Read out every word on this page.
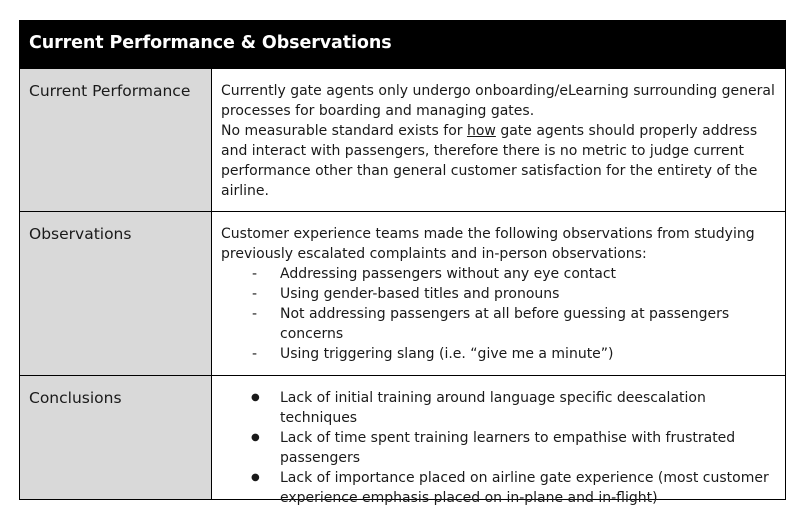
Current Performance & Observations
Current Performance	Currently gate agents only undergo onboarding/eLearning surrounding general processes for boarding and managing gates.

No measurable standard exists for how gate agents should properly address and interact with passengers, therefore there is no metric to judge current performance other than general customer satisfaction for the entirety of the airline.

Observations	Customer experience teams made the following observations from studying previously escalated complaints and in-person observations:

- Addressing passengers without any eye contact
- Using gender-based titles and pronouns
- Not addressing passengers at all before guessing at passengers concerns
- Using triggering slang (i.e. “give me a minute”)
Conclusions
●	Lack of initial training around language specific deescalation techniques
● Lack of time spent training learners to empathise with frustrated passengers
● Lack of importance placed on airline gate experience (most customer experience emphasis placed on in-plane and in-flight)
